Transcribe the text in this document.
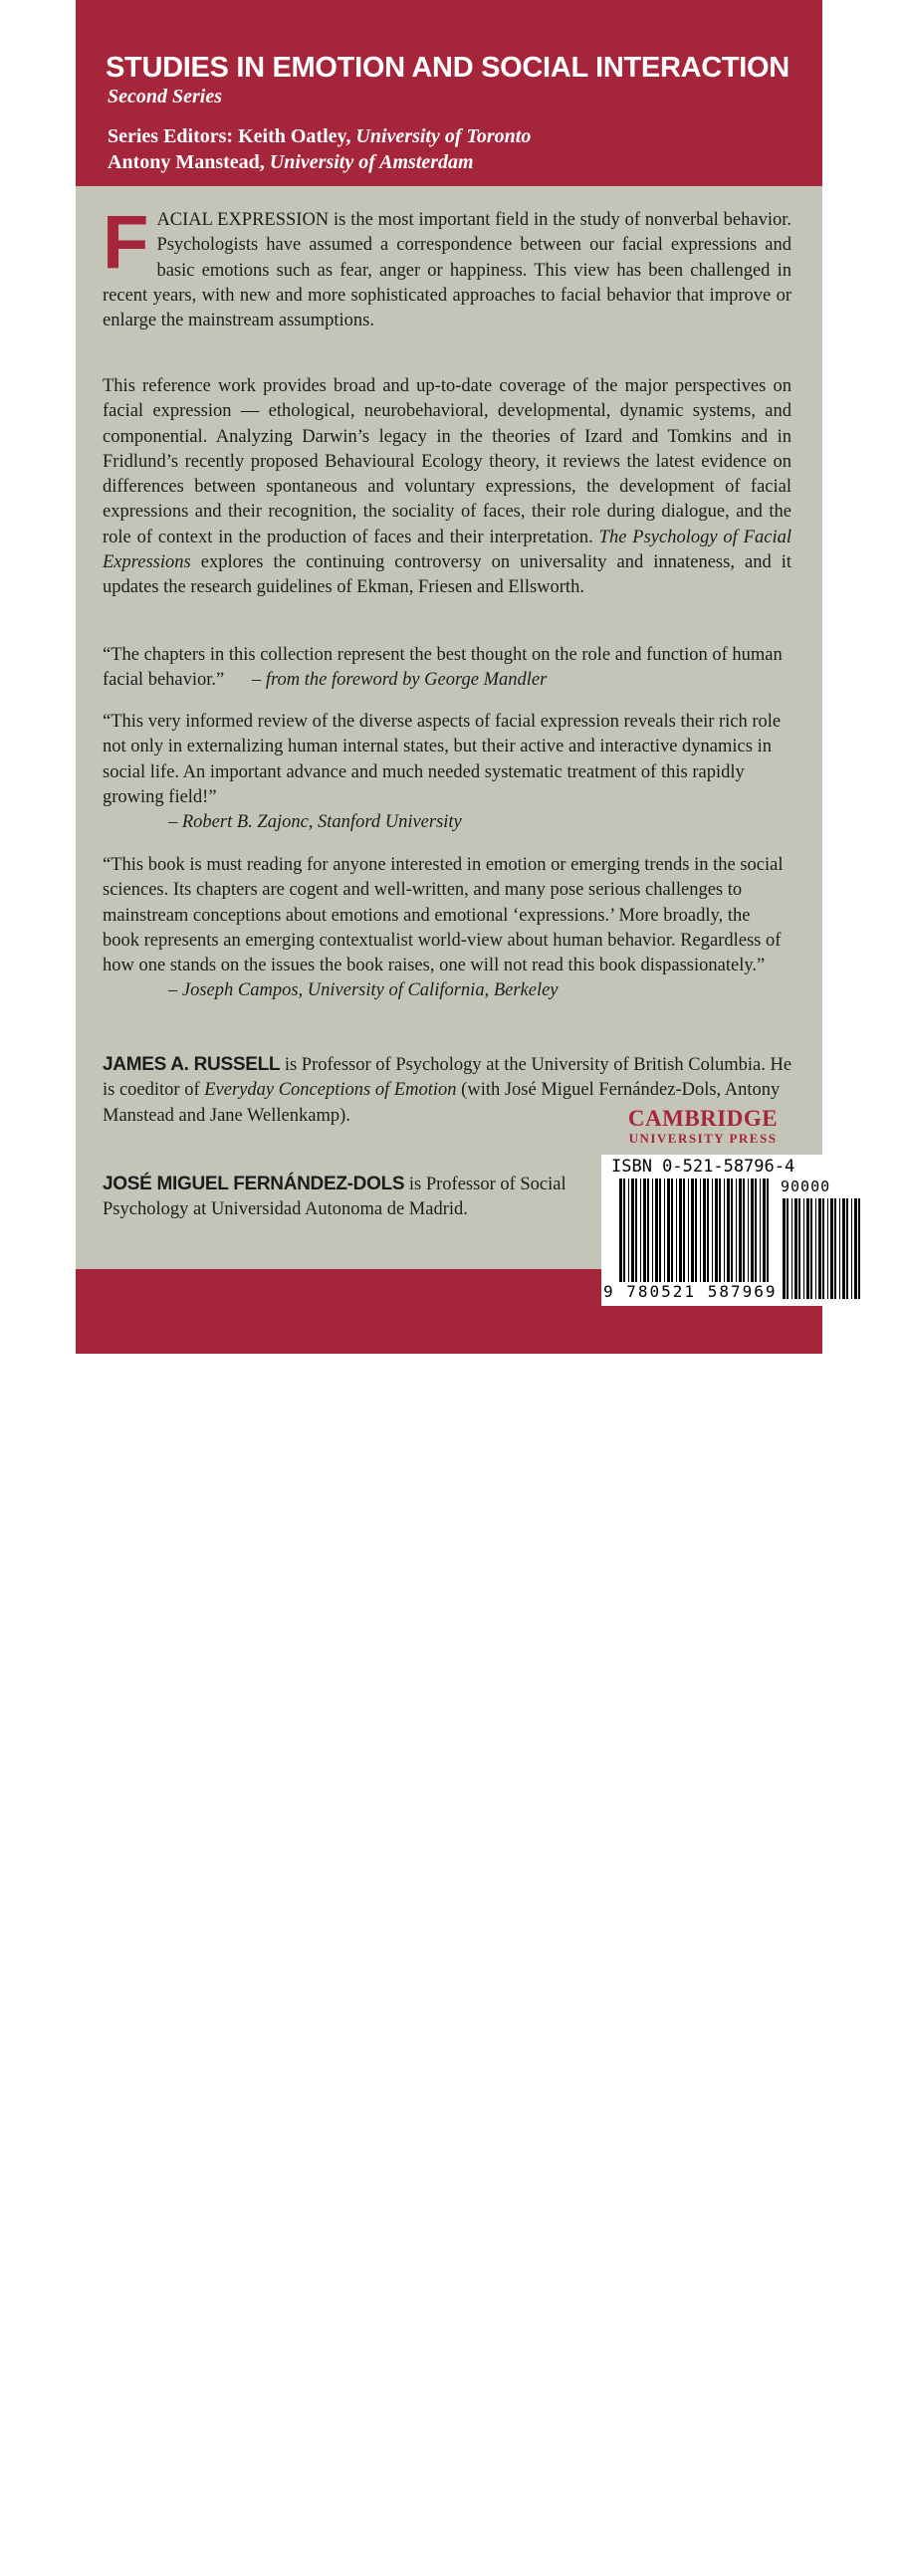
STUDIES IN EMOTION AND SOCIAL INTERACTION
Second Series
Series Editors: Keith Oatley, University of Toronto
Antony Manstead, University of Amsterdam

FACIAL EXPRESSION is the most important field in the study of nonverbal behavior. Psychologists have assumed a correspondence between our facial expressions and basic emotions such as fear, anger or happiness. This view has been challenged in recent years, with new and more sophisticated approaches to facial behavior that improve or enlarge the mainstream assumptions.

This reference work provides broad and up-to-date coverage of the major perspectives on facial expression — ethological, neurobehavioral, developmental, dynamic systems, and componential. Analyzing Darwin’s legacy in the theories of Izard and Tomkins and in Fridlund’s recently proposed Behavioural Ecology theory, it reviews the latest evidence on differences between spontaneous and voluntary expressions, the development of facial expressions and their recognition, the sociality of faces, their role during dialogue, and the role of context in the production of faces and their interpretation. The Psychology of Facial Expressions explores the continuing controversy on universality and innateness, and it updates the research guidelines of Ekman, Friesen and Ellsworth.

“The chapters in this collection represent the best thought on the role and function of human facial behavior.” – from the foreword by George Mandler

“This very informed review of the diverse aspects of facial expression reveals their rich role not only in externalizing human internal states, but their active and interactive dynamics in social life. An important advance and much needed systematic treatment of this rapidly growing field!”
– Robert B. Zajonc, Stanford University

“This book is must reading for anyone interested in emotion or emerging trends in the social sciences. Its chapters are cogent and well-written, and many pose serious challenges to mainstream conceptions about emotions and emotional ‘expressions.’ More broadly, the book represents an emerging contextualist world-view about human behavior. Regardless of how one stands on the issues the book raises, one will not read this book dispassionately.”
– Joseph Campos, University of California, Berkeley

JAMES A. RUSSELL is Professor of Psychology at the University of British Columbia. He is coeditor of Everyday Conceptions of Emotion (with José Miguel Fernández-Dols, Antony Manstead and Jane Wellenkamp).

JOSÉ MIGUEL FERNÁNDEZ-DOLS is Professor of Social Psychology at Universidad Autonoma de Madrid.

CAMBRIDGE
UNIVERSITY PRESS
Cover design by Jeffrey J. Faville
ISBN 0-521-58796-4
90000
9 780521 587969
